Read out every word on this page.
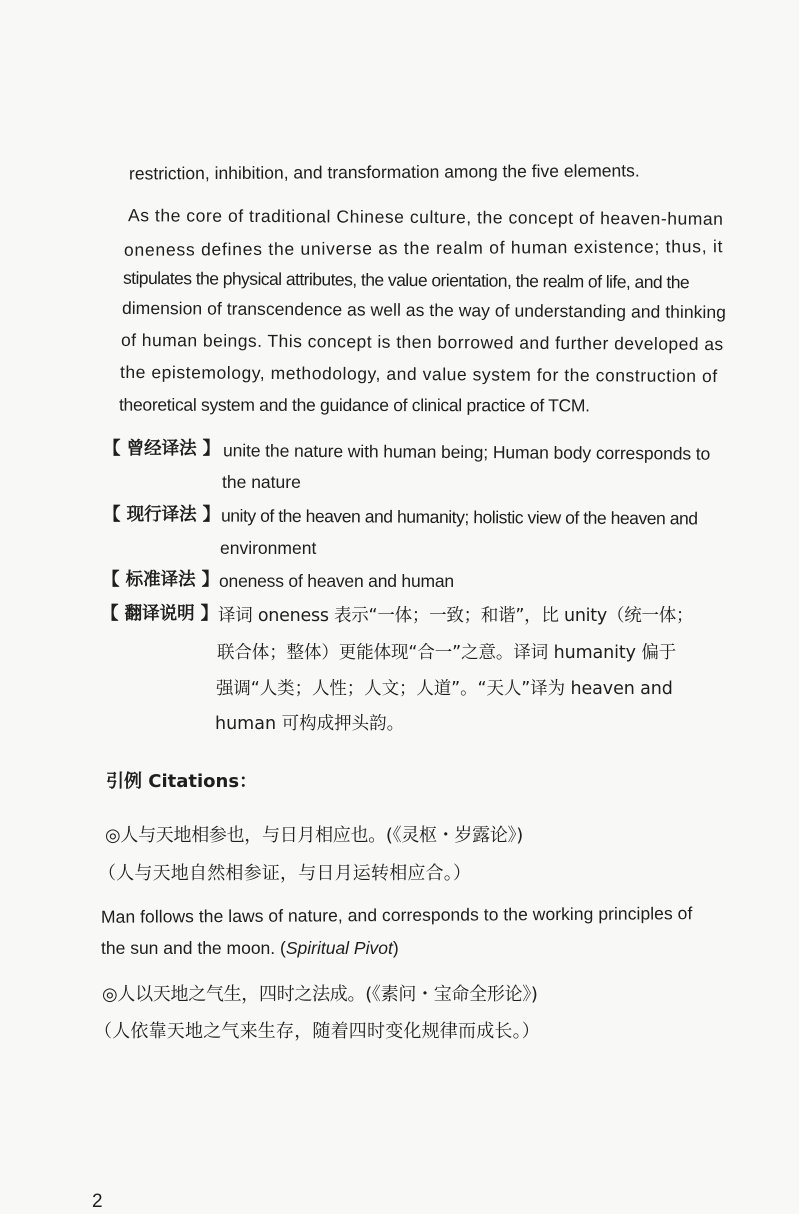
restriction, inhibition, and transformation among the five elements.
As the core of traditional Chinese culture, the concept of heaven-human
oneness defines the universe as the realm of human existence; thus, it
stipulates the physical attributes, the value orientation, the realm of life, and the
dimension of transcendence as well as the way of understanding and thinking
of human beings. This concept is then borrowed and further developed as
the epistemology, methodology, and value system for the construction of
theoretical system and the guidance of clinical practice of TCM.
【 曾经译法 】 unite the nature with human being; Human body corresponds to
the nature
【 现行译法 】 unity of the heaven and humanity; holistic view of the heaven and
environment
【 标准译法 】 oneness of heaven and human
【 翻译说明 】 译词 oneness 表示“一体；一致；和谐”，比 unity（统一体；
联合体；整体）更能体现“合一”之意。译词 humanity 偏于
强调“人类；人性；人文；人道”。“天人”译为 heaven and
human 可构成押头韵。
引例 Citations：
◎人与天地相参也，与日月相应也。(《灵枢・岁露论》)
（人与天地自然相参证，与日月运转相应合。）
Man follows the laws of nature, and corresponds to the working principles of
the sun and the moon. (Spiritual Pivot)
◎人以天地之气生，四时之法成。(《素问・宝命全形论》)
（人依靠天地之气来生存，随着四时变化规律而成长。）
2
